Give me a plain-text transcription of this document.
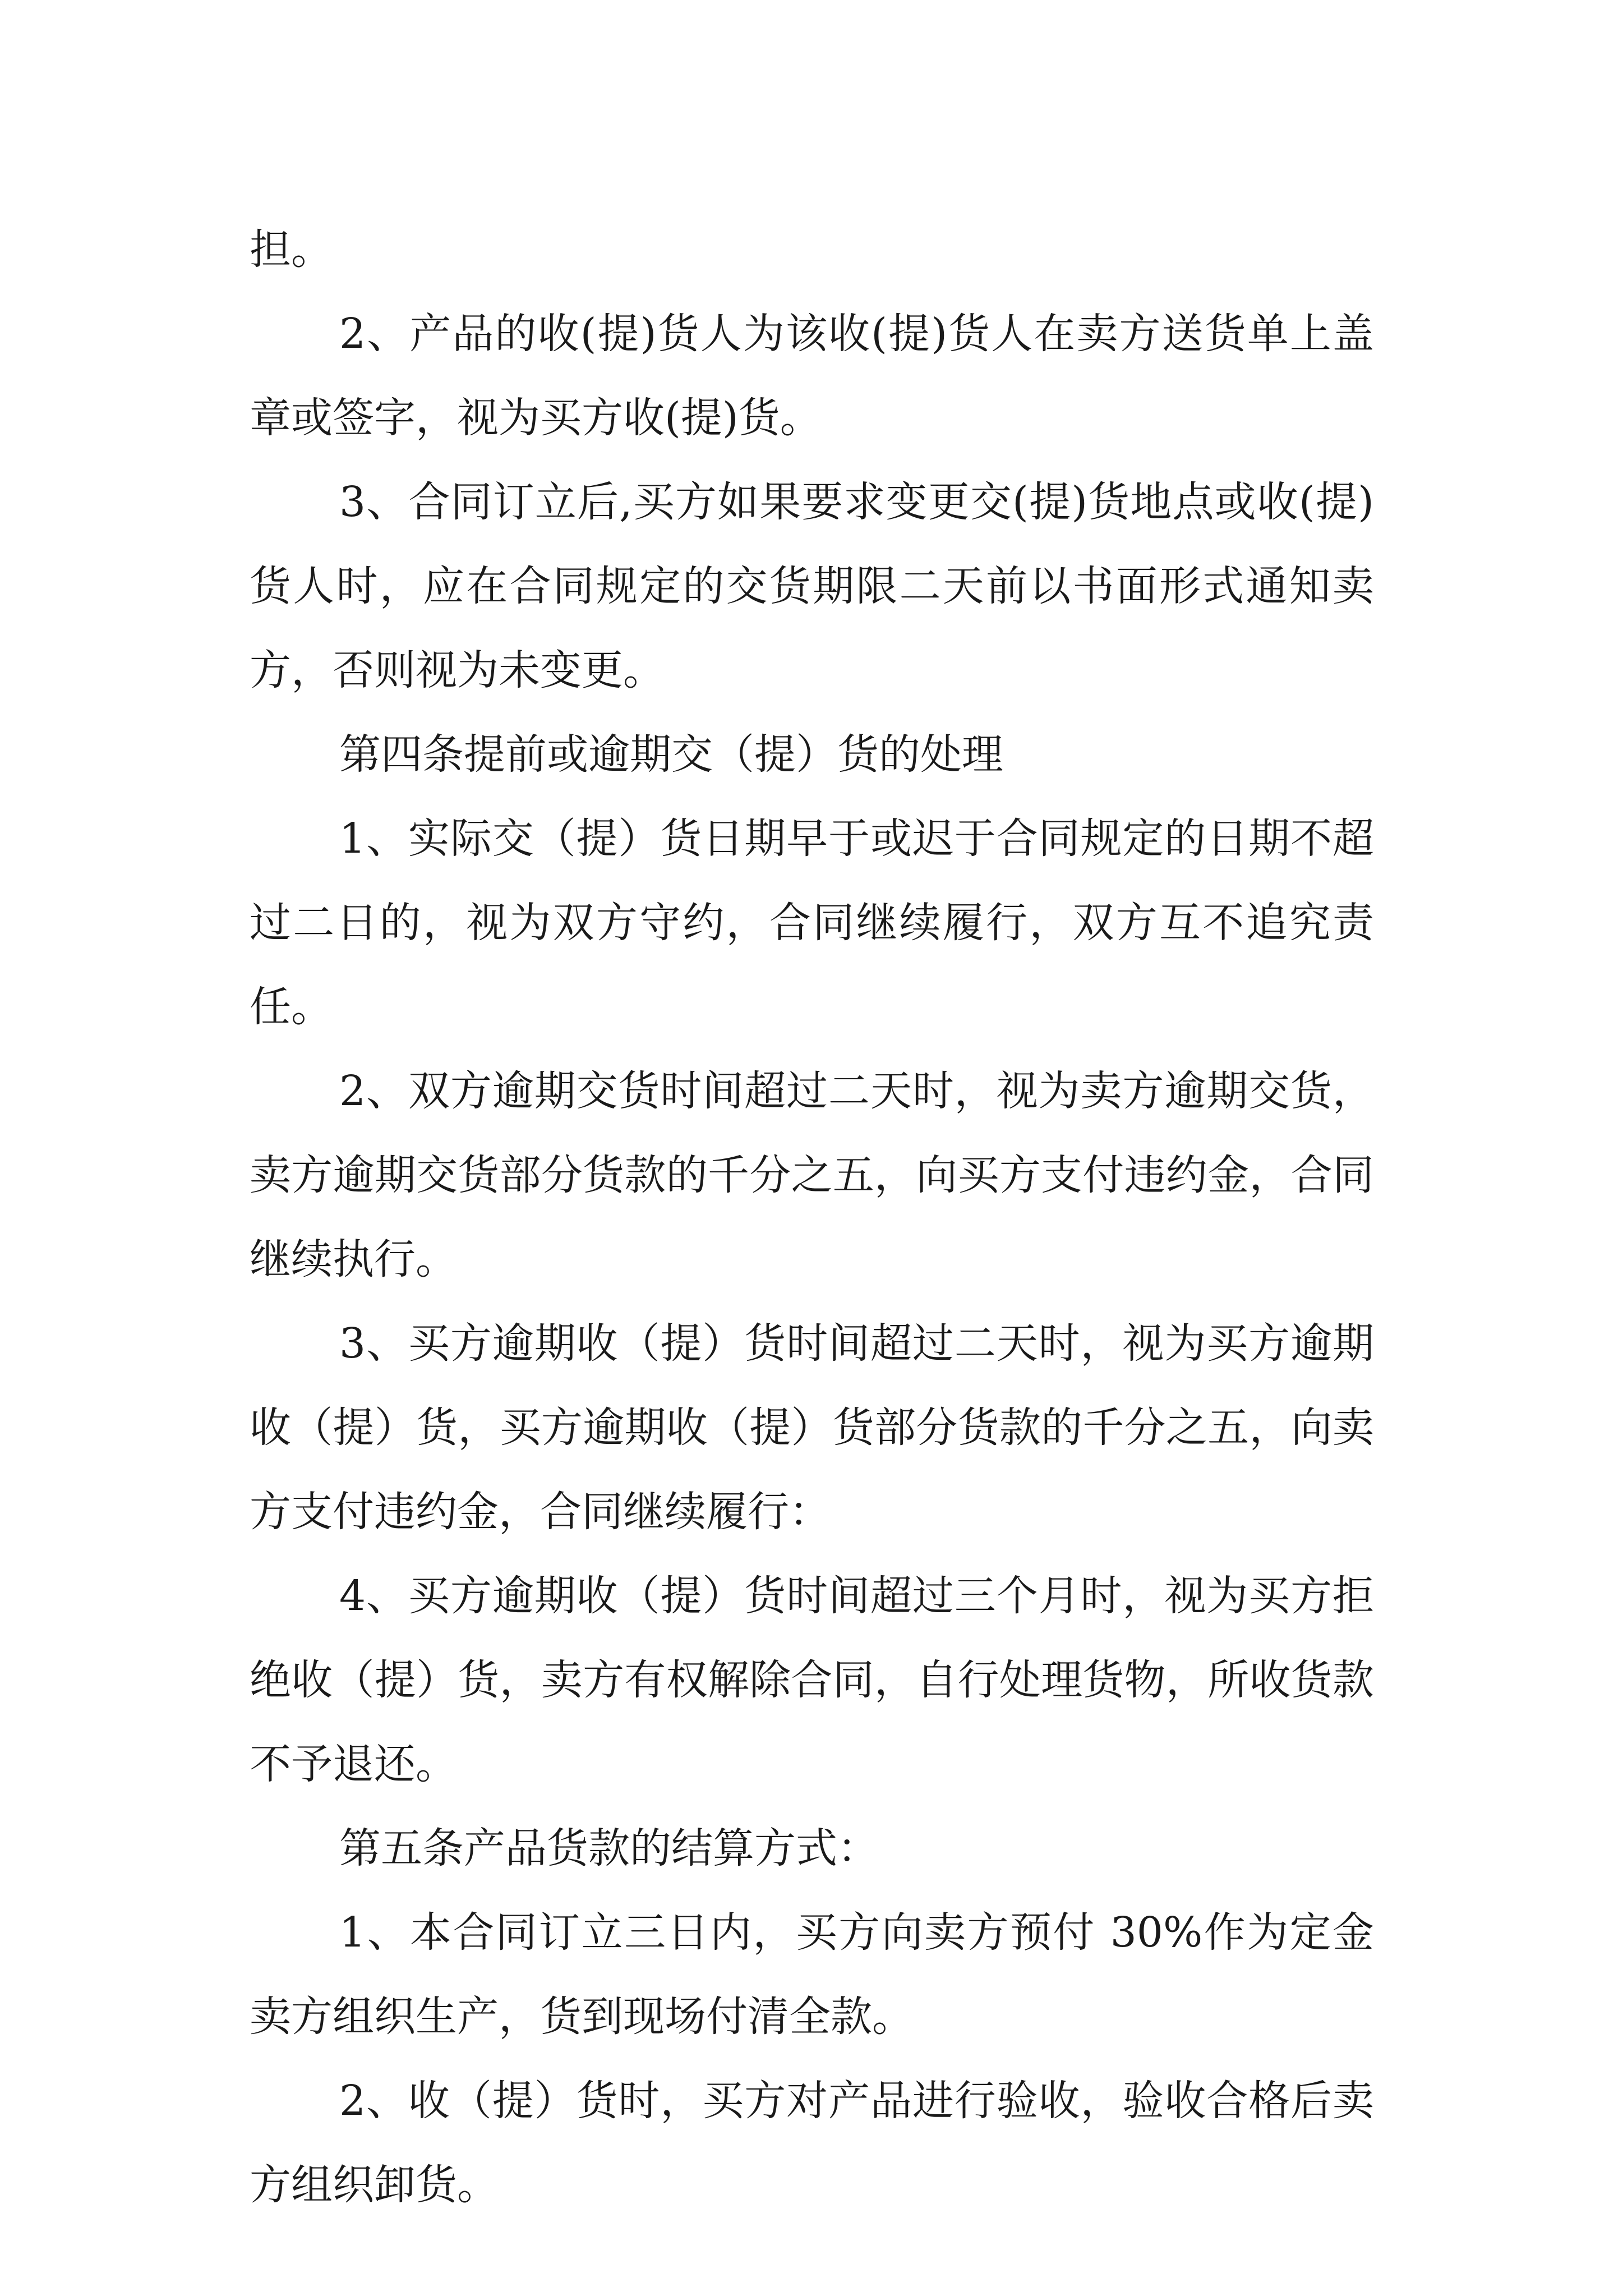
担。

2、产品的收(提)货人为该收(提)货人在卖方送货单上盖章或签字，视为买方收(提)货。

3、合同订立后,买方如果要求变更交(提)货地点或收(提)货人时，应在合同规定的交货期限二天前以书面形式通知卖方，否则视为未变更。

第四条提前或逾期交（提）货的处理

1、实际交（提）货日期早于或迟于合同规定的日期不超过二日的，视为双方守约，合同继续履行，双方互不追究责任。

2、双方逾期交货时间超过二天时，视为卖方逾期交货，卖方逾期交货部分货款的千分之五，向买方支付违约金，合同继续执行。

3、买方逾期收（提）货时间超过二天时，视为买方逾期收（提）货，买方逾期收（提）货部分货款的千分之五，向卖方支付违约金，合同继续履行：

4、买方逾期收（提）货时间超过三个月时，视为买方拒绝收（提）货，卖方有权解除合同，自行处理货物，所收货款不予退还。

第五条产品货款的结算方式：

1、本合同订立三日内，买方向卖方预付 30%作为定金卖方组织生产，货到现场付清全款。

2、收（提）货时，买方对产品进行验收，验收合格后卖方组织卸货。
